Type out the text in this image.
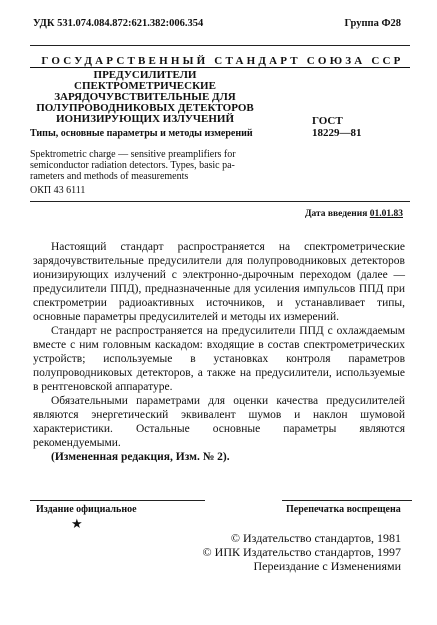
УДК 531.074.084.872:621.382:006.354	Группа Ф28
ГОСУДАРСТВЕННЫЙ СТАНДАРТ СОЮЗА ССР
ПРЕДУСИЛИТЕЛИ СПЕКТРОМЕТРИЧЕСКИЕ
ЗАРЯДОЧУВСТВИТЕЛЬНЫЕ ДЛЯ
ПОЛУПРОВОДНИКОВЫХ ДЕТЕКТОРОВ
ИОНИЗИРУЮЩИХ ИЗЛУЧЕНИЙ
Типы, основные параметры и методы измерений
ГОСТ
18229—81
Spektrometric charge — sensitive preamplifiers for
semiconductor radiation detectors. Types, basic pa-
rameters and methods of measurements
ОКП 43 6111
Дата введения 01.01.83

Настоящий стандарт распространяется на спектрометрические зарядочувствительные предусилители для полупроводниковых детекторов ионизирующих излучений с электронно-дырочным переходом (далее — предусилители ППД), предназначенные для усиления импульсов ППД при спектрометрии радиоактивных источников, и устанавливает типы, основные параметры предусилителей и методы их измерений.

Стандарт не распространяется на предусилители ППД с охлаждаемым вместе с ним головным каскадом: входящие в состав спектрометрических устройств; используемые в установках контроля параметров полупроводниковых детекторов, а также на предусилители, используемые в рентгеновской аппаратуре.

Обязательными параметрами для оценки качества предусилителей являются энергетический эквивалент шумов и наклон шумовой характеристики. Остальные основные параметры являются рекомендуемыми.

(Измененная редакция, Изм. № 2).

Издание официальное
★
Перепечатка воспрещена
© Издательство стандартов, 1981
© ИПК Издательство стандартов, 1997
Переиздание с Изменениями
